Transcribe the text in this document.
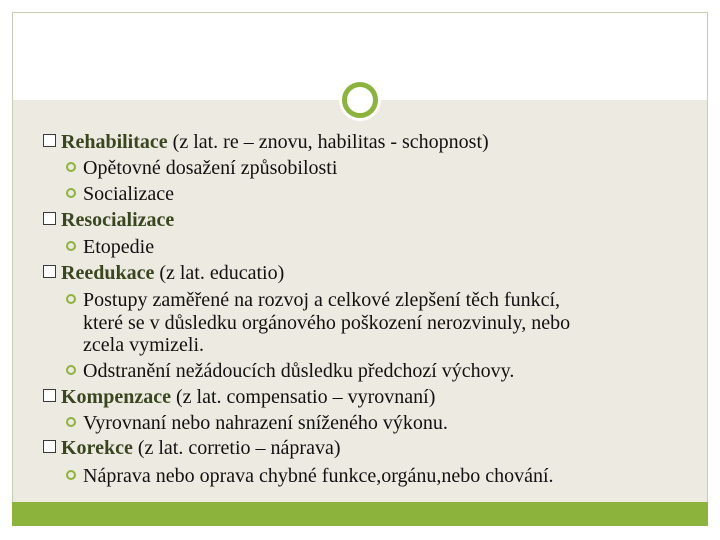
Rehabilitace (z lat. re – znovu, habilitas - schopnost)
Opětovné dosažení způsobilosti
Socializace
Resocializace
Etopedie
Reedukace (z lat. educatio)
Postupy zaměřené na rozvoj a celkové zlepšení těch funkcí,
které se v důsledku orgánového poškození nerozvinuly, nebo
zcela vymizeli.
Odstranění nežádoucích důsledku předchozí výchovy.
Kompenzace (z lat. compensatio – vyrovnaní)
Vyrovnaní nebo nahrazení sníženého výkonu.
Korekce (z lat. corretio – náprava)
Náprava nebo oprava chybné funkce,orgánu,nebo chování.
